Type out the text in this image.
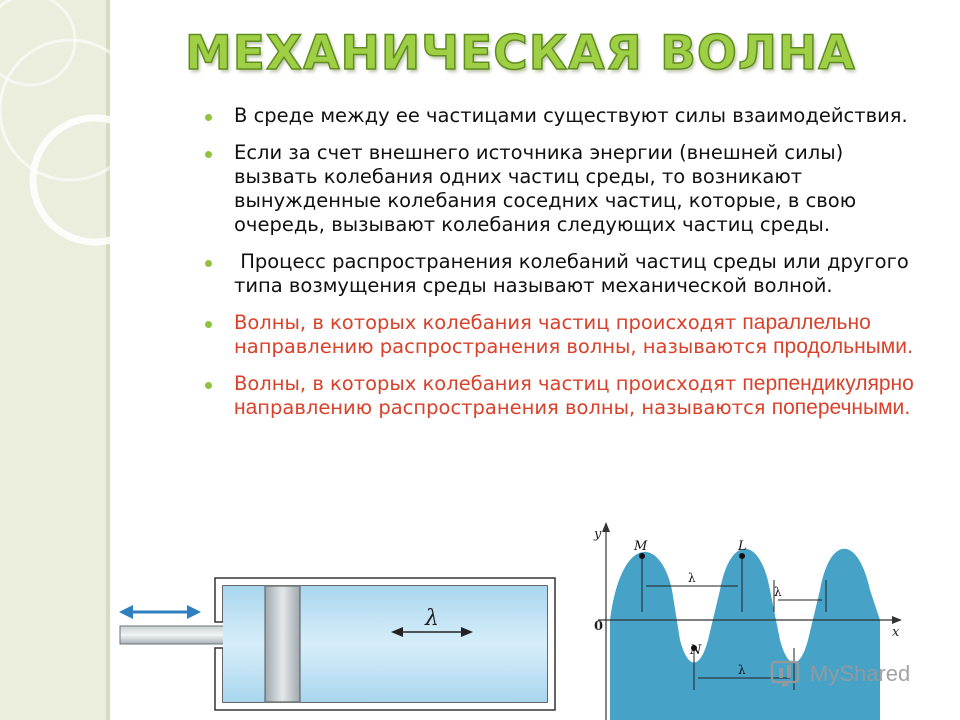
МЕХАНИЧЕСКАЯ ВОЛНА
В среде между ее частицами существуют силы взаимодействия.
Если за счет внешнего источника энергии (внешней силы) вызвать колебания одних частиц среды, то возникают вынужденные колебания соседних частиц, которые, в свою очередь, вызывают колебания следующих частиц среды.
Процесс распространения колебаний частиц среды или другого типа возмущения среды называют механической волной.
Волны, в которых колебания частиц происходят параллельно направлению распространения волны, называются продольными.
Волны, в которых колебания частиц происходят перпендикулярно направлению распространения волны, называются поперечными.
λ
y
x
0
λ
λ
λ
M	L
N
MyShared
